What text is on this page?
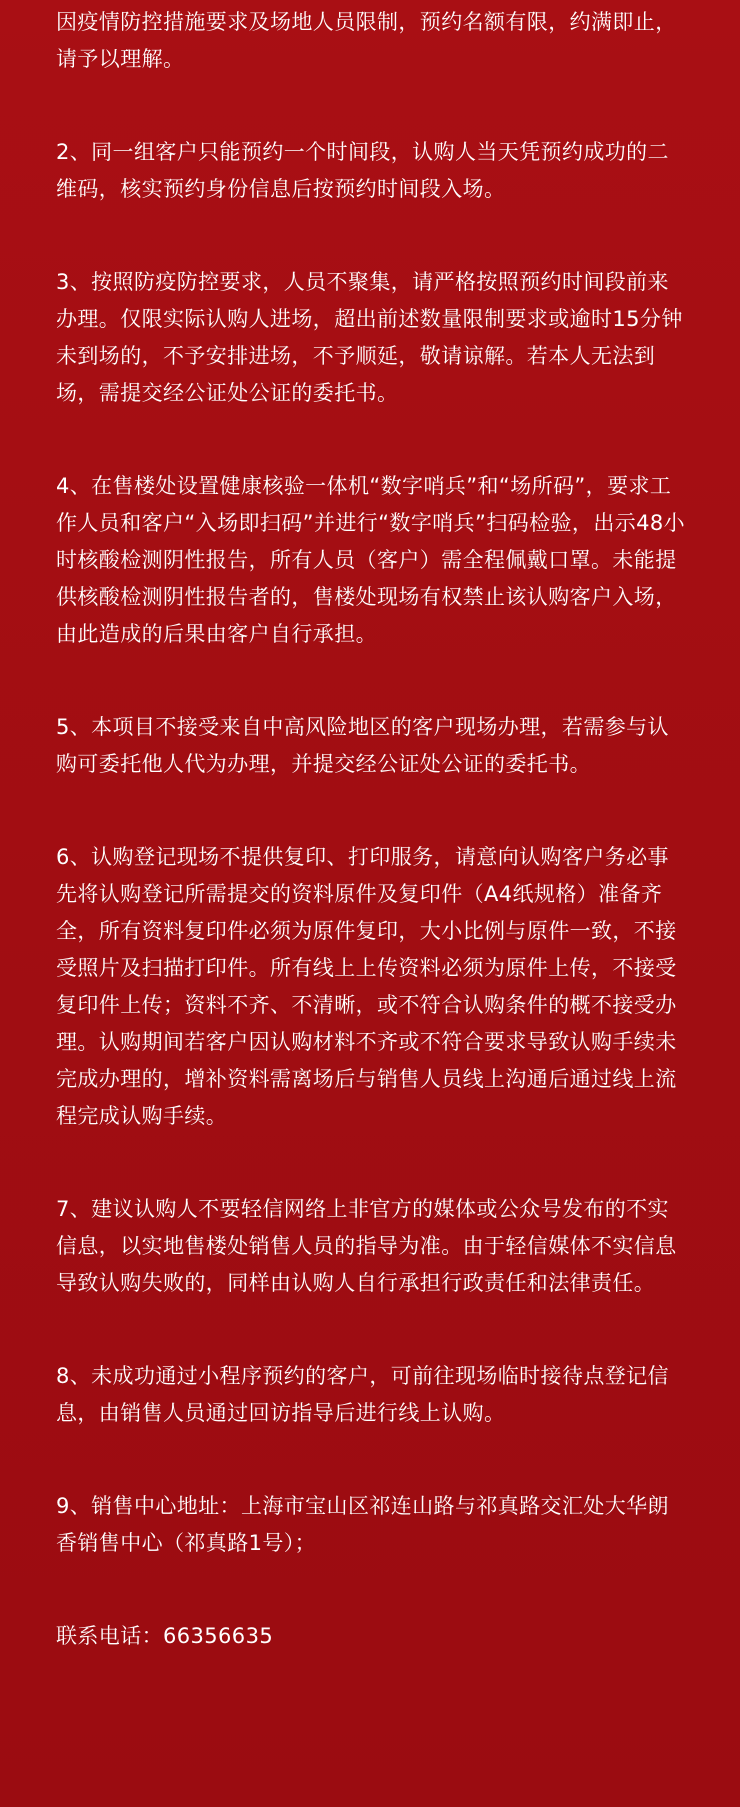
因疫情防控措施要求及场地人员限制，预约名额有限，约满即止，请予以理解。

2、同一组客户只能预约一个时间段，认购人当天凭预约成功的二维码，核实预约身份信息后按预约时间段入场。

3、按照防疫防控要求，人员不聚集，请严格按照预约时间段前来办理。仅限实际认购人进场，超出前述数量限制要求或逾时15分钟未到场的，不予安排进场，不予顺延，敬请谅解。若本人无法到场，需提交经公证处公证的委托书。

4、在售楼处设置健康核验一体机“数字哨兵”和“场所码”，要求工作人员和客户“入场即扫码”并进行“数字哨兵”扫码检验，出示48小时核酸检测阴性报告，所有人员（客户）需全程佩戴口罩。未能提供核酸检测阴性报告者的，售楼处现场有权禁止该认购客户入场，由此造成的后果由客户自行承担。

5、本项目不接受来自中高风险地区的客户现场办理，若需参与认购可委托他人代为办理，并提交经公证处公证的委托书。

6、认购登记现场不提供复印、打印服务，请意向认购客户务必事先将认购登记所需提交的资料原件及复印件（A4纸规格）准备齐全，所有资料复印件必须为原件复印，大小比例与原件一致，不接受照片及扫描打印件。所有线上上传资料必须为原件上传，不接受复印件上传；资料不齐、不清晰，或不符合认购条件的概不接受办理。认购期间若客户因认购材料不齐或不符合要求导致认购手续未完成办理的，增补资料需离场后与销售人员线上沟通后通过线上流程完成认购手续。

7、建议认购人不要轻信网络上非官方的媒体或公众号发布的不实信息，以实地售楼处销售人员的指导为准。由于轻信媒体不实信息导致认购失败的，同样由认购人自行承担行政责任和法律责任。

8、未成功通过小程序预约的客户，可前往现场临时接待点登记信息，由销售人员通过回访指导后进行线上认购。

9、销售中心地址：上海市宝山区祁连山路与祁真路交汇处大华朗香销售中心（祁真路1号）；

联系电话：66356635
